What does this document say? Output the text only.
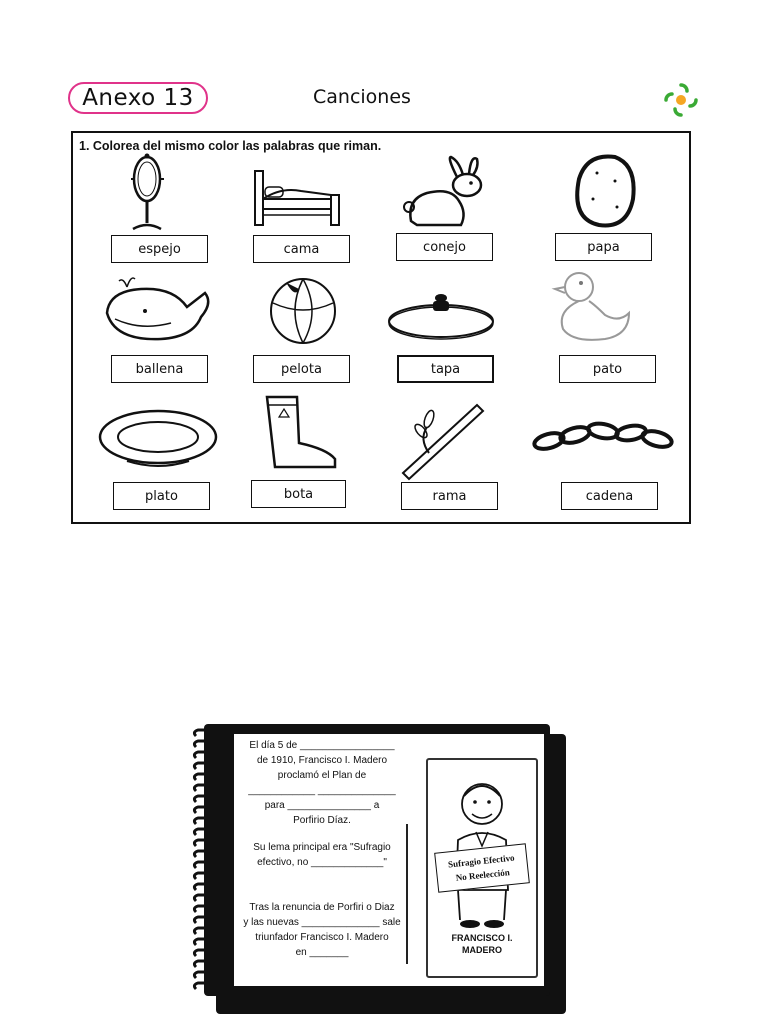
Anexo 13	Canciones
1. Colorea del mismo color las palabras que riman.
espejo	cama	conejo	papa
ballena	pelota	tapa	pato
plato	bota	rama	cadena
El día 5 de _________________
de 1910, Francisco I. Madero
proclamó el Plan de
____________ ______________
para _______________ a
Porfirio Díaz.
Su lema principal era "Sufragio
efectivo, no _____________"
Tras la renuncia de Porfiri o Diaz
y las nuevas ______________ sale
triunfador Francisco I. Madero
en _______
Sufragio Efectivo
No Reelección
FRANCISCO I.
MADERO
